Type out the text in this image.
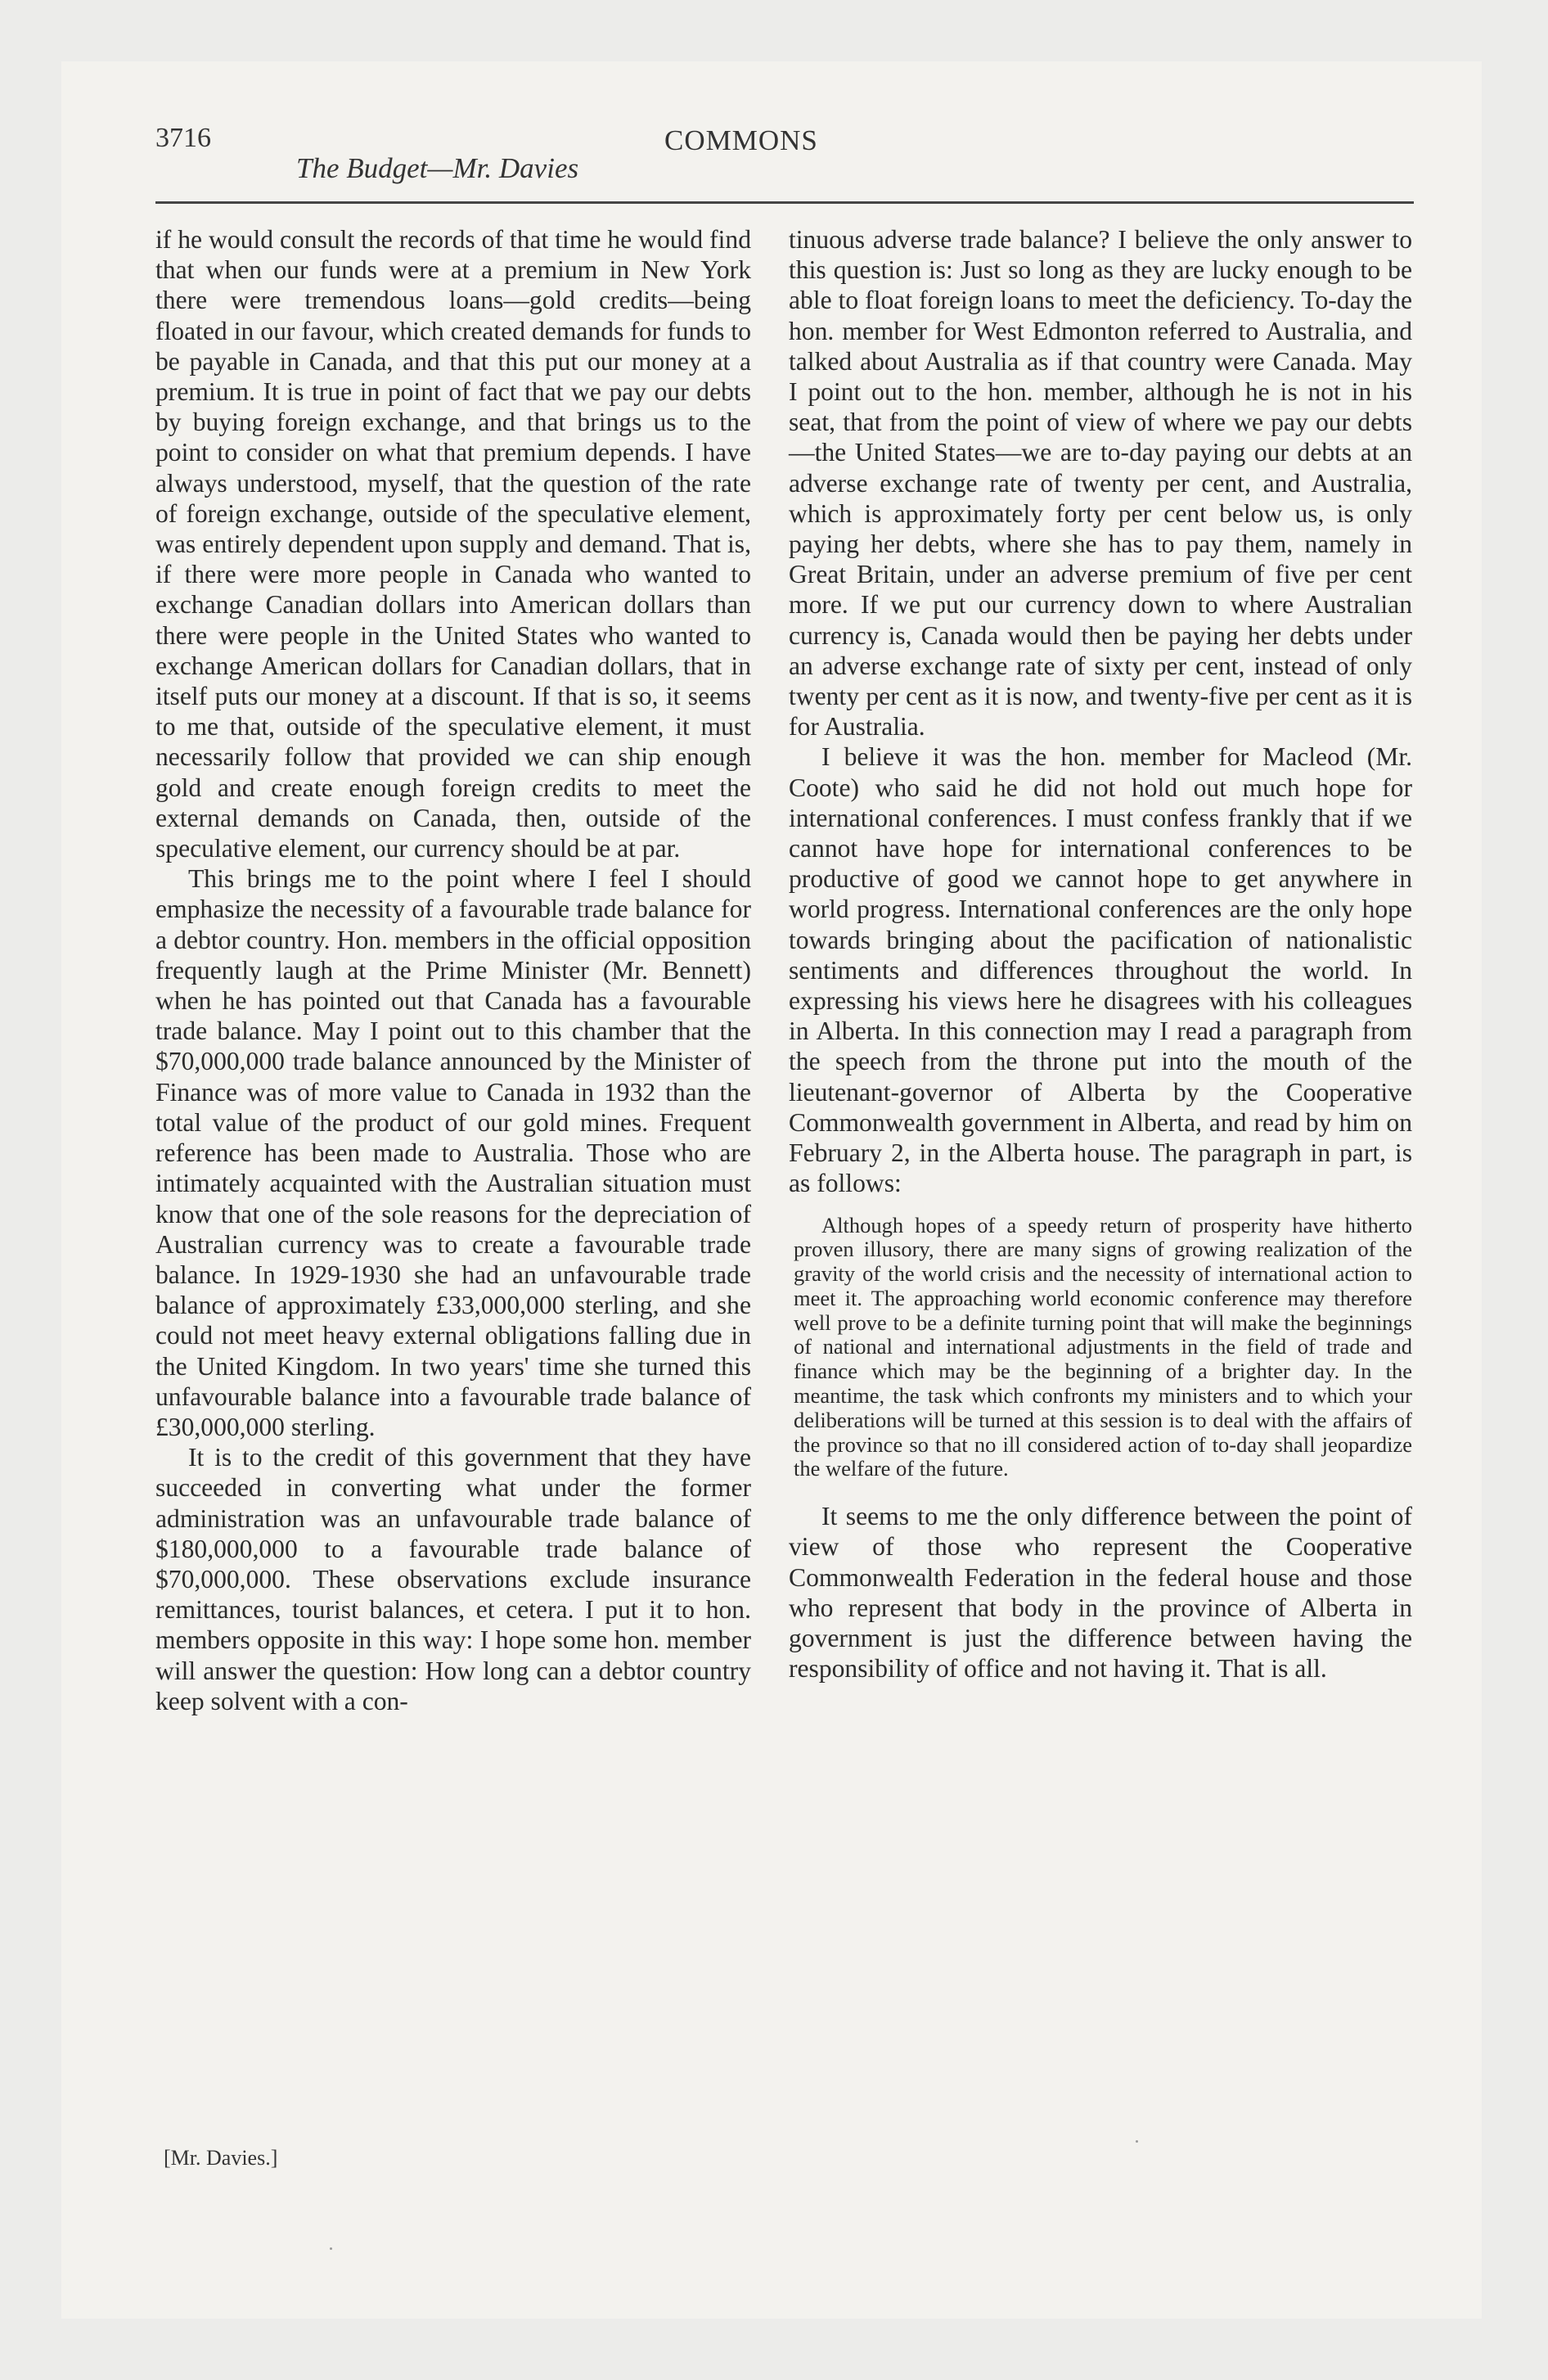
3716
The Budget—Mr. Davies
COMMONS

if he would consult the records of that time he would find that when our funds were at a premium in New York there were tremendous loans—gold credits—being floated in our favour, which created demands for funds to be payable in Canada, and that this put our money at a premium. It is true in point of fact that we pay our debts by buying foreign exchange, and that brings us to the point to consider on what that premium depends. I have always understood, myself, that the question of the rate of foreign exchange, outside of the speculative element, was entirely dependent upon supply and demand. That is, if there were more people in Canada who wanted to exchange Canadian dollars into American dollars than there were people in the United States who wanted to exchange American dollars for Canadian dollars, that in itself puts our money at a discount. If that is so, it seems to me that, outside of the speculative element, it must necessarily follow that provided we can ship enough gold and create enough foreign credits to meet the external demands on Canada, then, outside of the speculative element, our currency should be at par.

This brings me to the point where I feel I should emphasize the necessity of a favourable trade balance for a debtor country. Hon. members in the official opposition frequently laugh at the Prime Minister (Mr. Bennett) when he has pointed out that Canada has a favourable trade balance. May I point out to this chamber that the $70,000,000 trade balance announced by the Minister of Finance was of more value to Canada in 1932 than the total value of the product of our gold mines. Frequent reference has been made to Australia. Those who are intimately acquainted with the Australian situation must know that one of the sole reasons for the depreciation of Australian currency was to create a favourable trade balance. In 1929-1930 she had an unfavourable trade balance of approximately £33,000,000 sterling, and she could not meet heavy external obligations falling due in the United Kingdom. In two years' time she turned this unfavourable balance into a favourable trade balance of £30,000,000 sterling.

It is to the credit of this government that they have succeeded in converting what under the former administration was an unfavourable trade balance of $180,000,000 to a favourable trade balance of $70,000,000. These observations exclude insurance remittances, tourist balances, et cetera. I put it to hon. members opposite in this way: I hope some hon. member will answer the question: How long can a debtor country keep solvent with a con-

[Mr. Davies.]

tinuous adverse trade balance? I believe the only answer to this question is: Just so long as they are lucky enough to be able to float foreign loans to meet the deficiency. To-day the hon. member for West Edmonton referred to Australia, and talked about Australia as if that country were Canada. May I point out to the hon. member, although he is not in his seat, that from the point of view of where we pay our debts—the United States—we are to-day paying our debts at an adverse exchange rate of twenty per cent, and Australia, which is approximately forty per cent below us, is only paying her debts, where she has to pay them, namely in Great Britain, under an adverse premium of five per cent more. If we put our currency down to where Australian currency is, Canada would then be paying her debts under an adverse exchange rate of sixty per cent, instead of only twenty per cent as it is now, and twenty-five per cent as it is for Australia.

I believe it was the hon. member for Macleod (Mr. Coote) who said he did not hold out much hope for international conferences. I must confess frankly that if we cannot have hope for international conferences to be productive of good we cannot hope to get anywhere in world progress. International conferences are the only hope towards bringing about the pacification of nationalistic sentiments and differences throughout the world. In expressing his views here he disagrees with his colleagues in Alberta. In this connection may I read a paragraph from the speech from the throne put into the mouth of the lieutenant-governor of Alberta by the Cooperative Commonwealth government in Alberta, and read by him on February 2, in the Alberta house. The paragraph in part, is as follows:

Although hopes of a speedy return of prosperity have hitherto proven illusory, there are many signs of growing realization of the gravity of the world crisis and the necessity of international action to meet it. The approaching world economic conference may therefore well prove to be a definite turning point that will make the beginnings of national and international adjustments in the field of trade and finance which may be the beginning of a brighter day. In the meantime, the task which confronts my ministers and to which your deliberations will be turned at this session is to deal with the affairs of the province so that no ill considered action of to-day shall jeopardize the welfare of the future.

It seems to me the only difference between the point of view of those who represent the Cooperative Commonwealth Federation in the federal house and those who represent that body in the province of Alberta in government is just the difference between having the responsibility of office and not having it. That is all.
